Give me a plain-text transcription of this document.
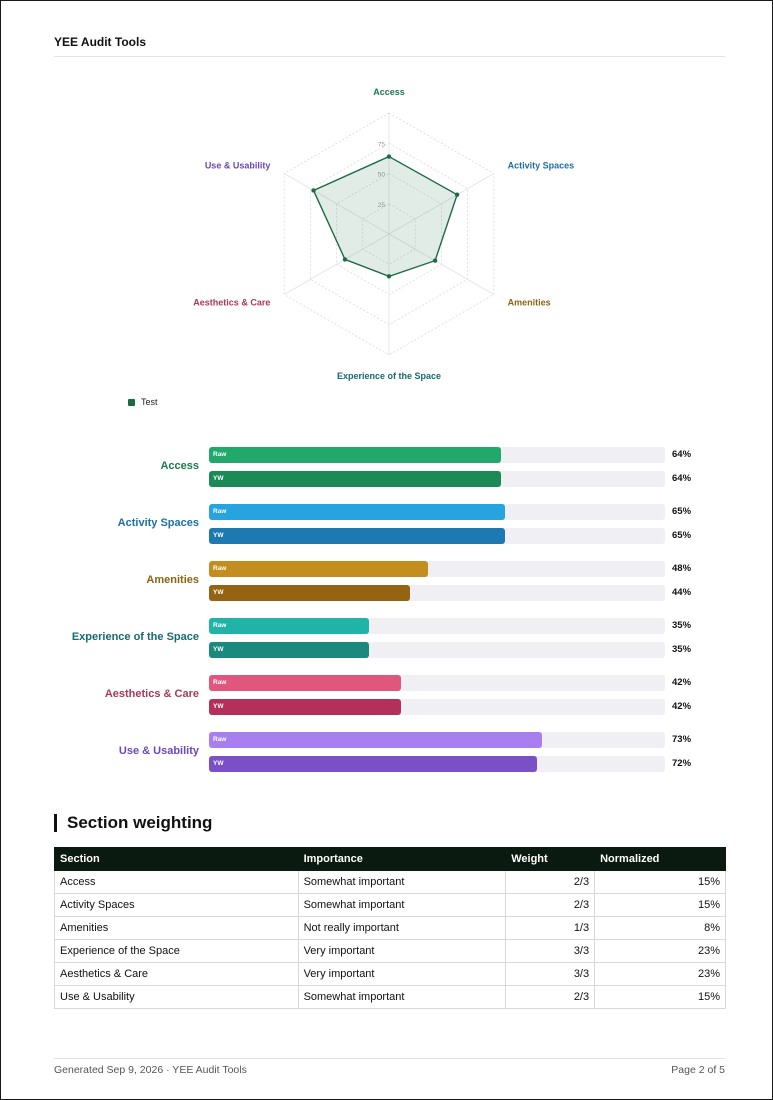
YEE Audit Tools
25
50
75
Access
Activity Spaces
Amenities
Experience of the Space
Aesthetics & Care
Use & Usability
Test
Access
Raw	64%
YW	64%
Activity Spaces
Raw	65%
YW	65%
Amenities
Raw	48%
YW	44%
Experience of the Space
Raw	35%
YW	35%
Aesthetics & Care
Raw	42%
YW	42%
Use & Usability
Raw	73%
YW	72%
Section weighting
Section	Importance	Weight	Normalized
Access	Somewhat important	2/3	15%
Activity Spaces	Somewhat important	2/3	15%
Amenities	Not really important	1/3	8%
Experience of the Space	Very important	3/3	23%
Aesthetics & Care	Very important	3/3	23%
Use & Usability	Somewhat important	2/3	15%
Generated Sep 9, 2026 · YEE Audit Tools	Page 2 of 5
